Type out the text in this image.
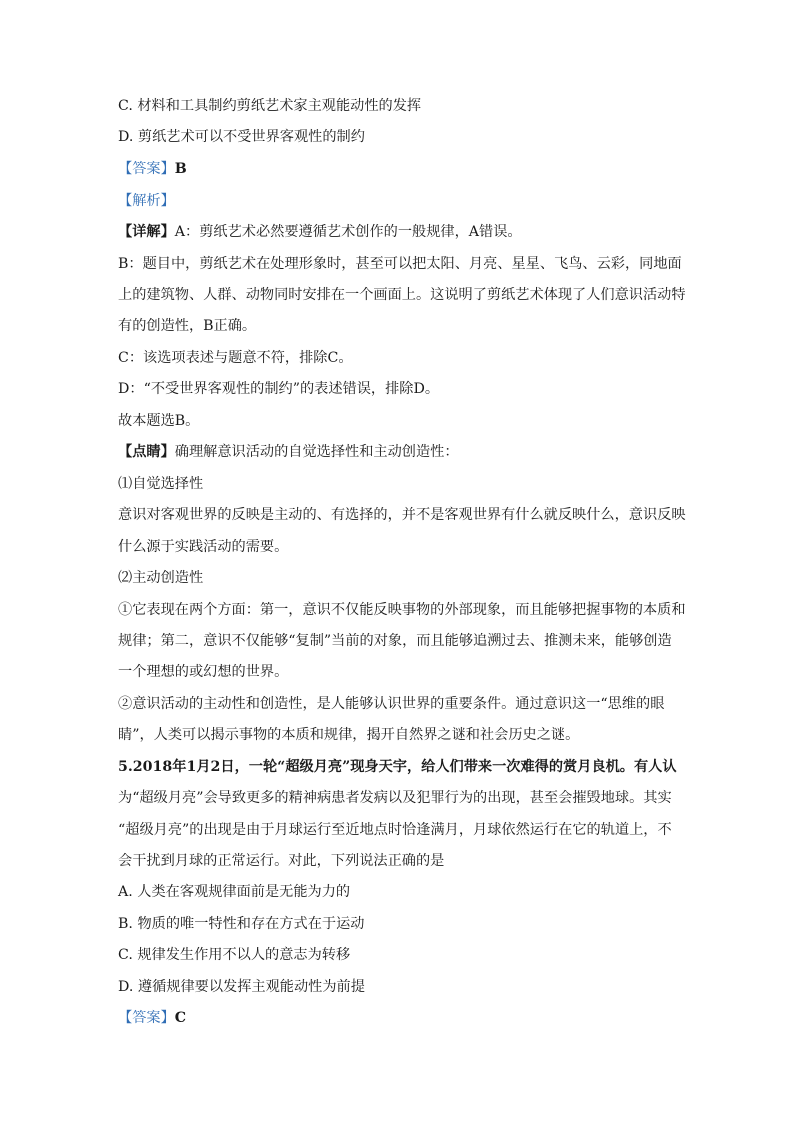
C. 材料和工具制约剪纸艺术家主观能动性的发挥
D. 剪纸艺术可以不受世界客观性的制约
【答案】B
【解析】
【详解】A：剪纸艺术必然要遵循艺术创作的一般规律，A错误。
B：题目中，剪纸艺术在处理形象时，甚至可以把太阳、月亮、星星、飞鸟、云彩，同地面
上的建筑物、人群、动物同时安排在一个画面上。这说明了剪纸艺术体现了人们意识活动特
有的创造性，B正确。
C：该选项表述与题意不符，排除C。
D：“不受世界客观性的制约”的表述错误，排除D。
故本题选B。
【点睛】确理解意识活动的自觉选择性和主动创造性：
⑴自觉选择性
意识对客观世界的反映是主动的、有选择的，并不是客观世界有什么就反映什么，意识反映
什么源于实践活动的需要。
⑵主动创造性
①它表现在两个方面：第一，意识不仅能反映事物的外部现象，而且能够把握事物的本质和
规律；第二，意识不仅能够“复制”当前的对象，而且能够追溯过去、推测未来，能够创造
一个理想的或幻想的世界。
②意识活动的主动性和创造性，是人能够认识世界的重要条件。通过意识这一“思维的眼
睛”，人类可以揭示事物的本质和规律，揭开自然界之谜和社会历史之谜。
5.2018年1月2日，一轮“超级月亮”现身天宇，给人们带来一次难得的赏月良机。有人认
为“超级月亮”会导致更多的精神病患者发病以及犯罪行为的出现，甚至会摧毁地球。其实
“超级月亮”的出现是由于月球运行至近地点时恰逢满月，月球依然运行在它的轨道上，不
会干扰到月球的正常运行。对此，下列说法正确的是
A. 人类在客观规律面前是无能为力的
B. 物质的唯一特性和存在方式在于运动
C. 规律发生作用不以人的意志为转移
D. 遵循规律要以发挥主观能动性为前提
【答案】C
